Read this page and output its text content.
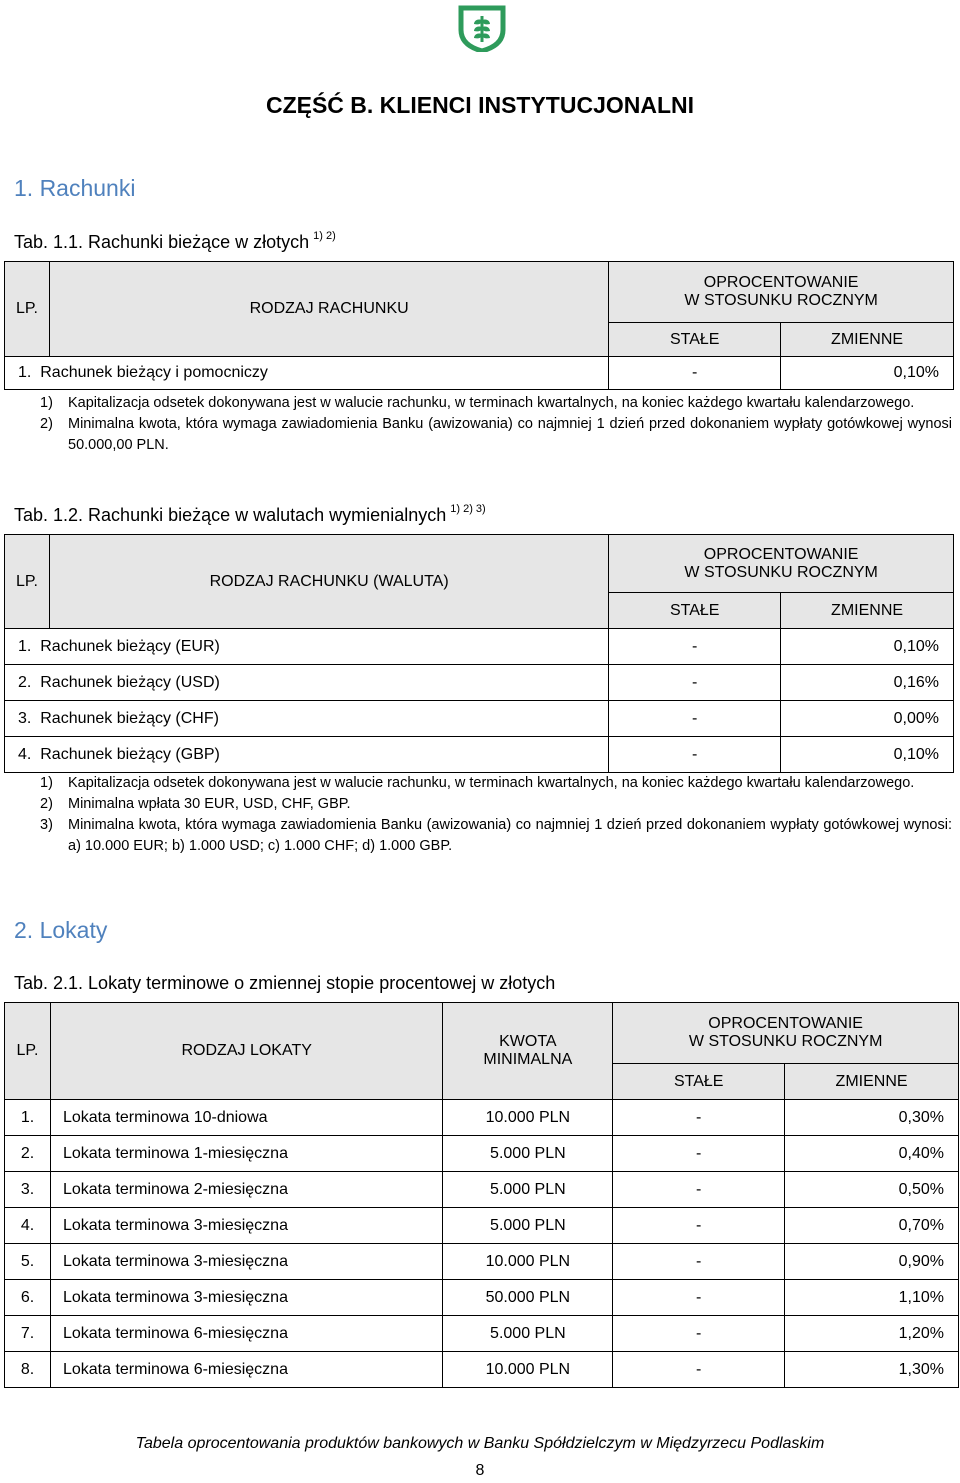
CZĘŚĆ B. KLIENCI INSTYTUCJONALNI
1. Rachunki
Tab. 1.1. Rachunki bieżące w złotych $^{1) 2)}$
LP.	RODZAJ RACHUNKU	OPROCENTOWANIE
W STOSUNKU ROCZNYM	
		STAŁE	ZMIENNE
1. Rachunek bieżący i pomocniczy		-	0,10%
1)	Kapitalizacja odsetek dokonywana jest w walucie rachunku, w terminach kwartalnych, na koniec każdego kwartału kalendarzowego.
2)	Minimalna kwota, która wymaga zawiadomienia Banku (awizowania) co najmniej 1 dzień przed dokonaniem wypłaty gotówkowej wynosi 50.000,00 PLN.
Tab. 1.2. Rachunki bieżące w walutach wymienialnych $^{1) 2) 3)}$
LP.	RODZAJ RACHUNKU (WALUTA)	OPROCENTOWANIE
W STOSUNKU ROCZNYM	
		STAŁE	ZMIENNE
1. Rachunek bieżący (EUR)		-	0,10%
2. Rachunek bieżący (USD)		-	0,16%
3. Rachunek bieżący (CHF)		-	0,00%
4. Rachunek bieżący (GBP)		-	0,10%
1)	Kapitalizacja odsetek dokonywana jest w walucie rachunku, w terminach kwartalnych, na koniec każdego kwartału kalendarzowego.
2)	Minimalna wpłata 30 EUR, USD, CHF, GBP.
3)	Minimalna kwota, która wymaga zawiadomienia Banku (awizowania) co najmniej 1 dzień przed dokonaniem wypłaty gotówkowej wynosi: a) 10.000 EUR; b) 1.000 USD; c) 1.000 CHF; d) 1.000 GBP.
2. Lokaty
Tab. 2.1. Lokaty terminowe o zmiennej stopie procentowej w złotych
LP.	RODZAJ LOKATY	KWOTA
MINIMALNA	OPROCENTOWANIE
W STOSUNKU ROCZNYM	
			STAŁE	ZMIENNE
1.	Lokata terminowa 10-dniowa	10.000 PLN	-	0,30%
2.	Lokata terminowa 1-miesięczna	5.000 PLN	-	0,40%
3.	Lokata terminowa 2-miesięczna	5.000 PLN	-	0,50%
4.	Lokata terminowa 3-miesięczna	5.000 PLN	-	0,70%
5.	Lokata terminowa 3-miesięczna	10.000 PLN	-	0,90%
6.	Lokata terminowa 3-miesięczna	50.000 PLN	-	1,10%
7.	Lokata terminowa 6-miesięczna	5.000 PLN	-	1,20%
8.	Lokata terminowa 6-miesięczna	10.000 PLN	-	1,30%
Tabela oprocentowania produktów bankowych w Banku Spółdzielczym w Międzyrzecu Podlaskim
8
